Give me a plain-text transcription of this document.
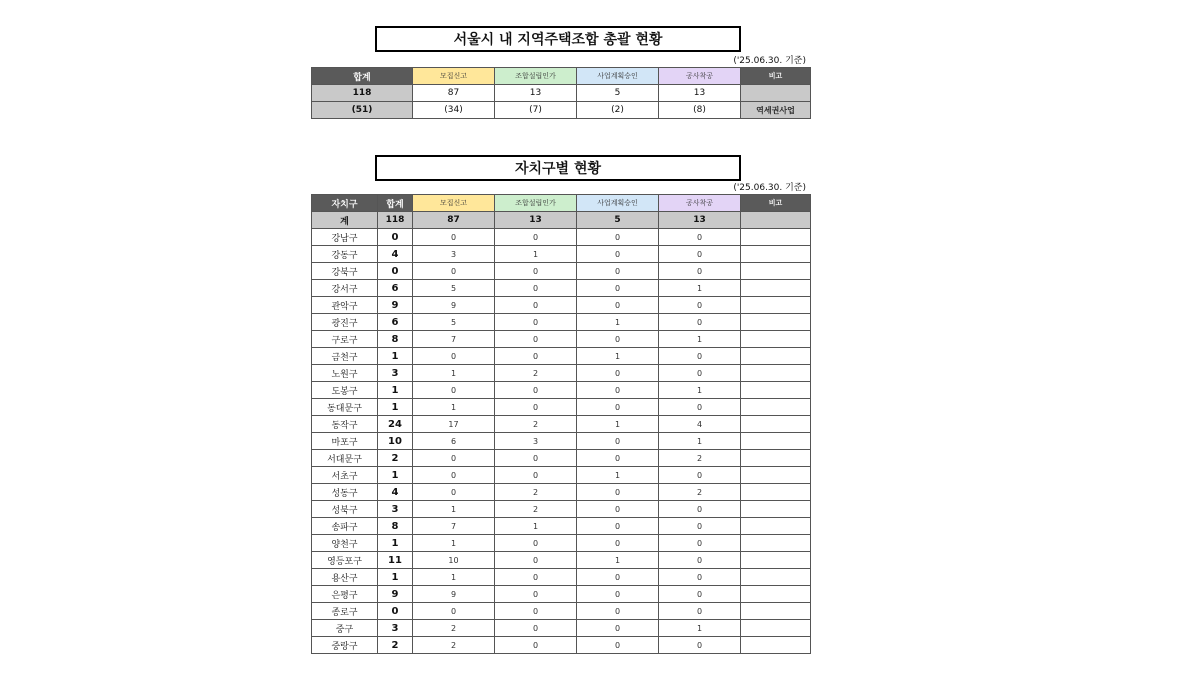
서울시 내 지역주택조합 총괄 현황
('25.06.30. 기준)
합계	모집신고	조합설립인가	사업계획승인	공사착공	비고
118	87	13	5	13	
(51)	(34)	(7)	(2)	(8)	역세권사업
자치구별 현황
('25.06.30. 기준)
자치구	합계	모집신고	조합설립인가	사업계획승인	공사착공	비고
계	118	87	13	5	13	
강남구	0	0	0	0	0	
강동구	4	3	1	0	0	
강북구	0	0	0	0	0	
강서구	6	5	0	0	1	
관악구	9	9	0	0	0	
광진구	6	5	0	1	0	
구로구	8	7	0	0	1	
금천구	1	0	0	1	0	
노원구	3	1	2	0	0	
도봉구	1	0	0	0	1	
동대문구	1	1	0	0	0	
동작구	24	17	2	1	4	
마포구	10	6	3	0	1	
서대문구	2	0	0	0	2	
서초구	1	0	0	1	0	
성동구	4	0	2	0	2	
성북구	3	1	2	0	0	
송파구	8	7	1	0	0	
양천구	1	1	0	0	0	
영등포구	11	10	0	1	0	
용산구	1	1	0	0	0	
은평구	9	9	0	0	0	
종로구	0	0	0	0	0	
중구	3	2	0	0	1	
중랑구	2	2	0	0	0	
